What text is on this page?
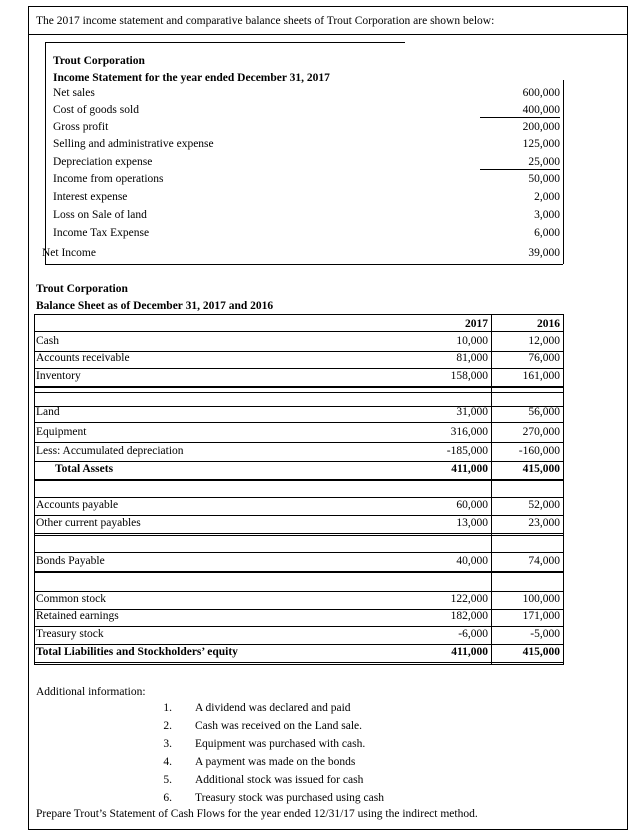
The 2017 income statement and comparative balance sheets of Trout Corporation are shown below:
Trout Corporation
Income Statement for the year ended December 31, 2017
Net sales	600,000
Cost of goods sold	400,000
Gross profit	200,000
Selling and administrative expense	125,000
Depreciation expense	25,000
Income from operations	50,000
Interest expense	2,000
Loss on Sale of land	3,000
Income Tax Expense	6,000
Net Income	39,000
Trout Corporation
Balance Sheet as of December 31, 2017 and 2016
2017	2016
Cash	10,000	12,000
Accounts receivable	81,000	76,000
Inventory	158,000	161,000
Land	31,000	56,000
Equipment	316,000	270,000
Less: Accumulated depreciation	-185,000	-160,000
Total Assets	411,000	415,000
Accounts payable	60,000	52,000
Other current payables	13,000	23,000
Bonds Payable	40,000	74,000
Common stock	122,000	100,000
Retained earnings	182,000	171,000
Treasury stock	-6,000	-5,000
Total Liabilities and Stockholders’ equity	411,000	415,000
Additional information:
1. A dividend was declared and paid
2. Cash was received on the Land sale.
3. Equipment was purchased with cash.
4. A payment was made on the bonds
5. Additional stock was issued for cash
6. Treasury stock was purchased using cash
Prepare Trout’s Statement of Cash Flows for the year ended 12/31/17 using the indirect method.
